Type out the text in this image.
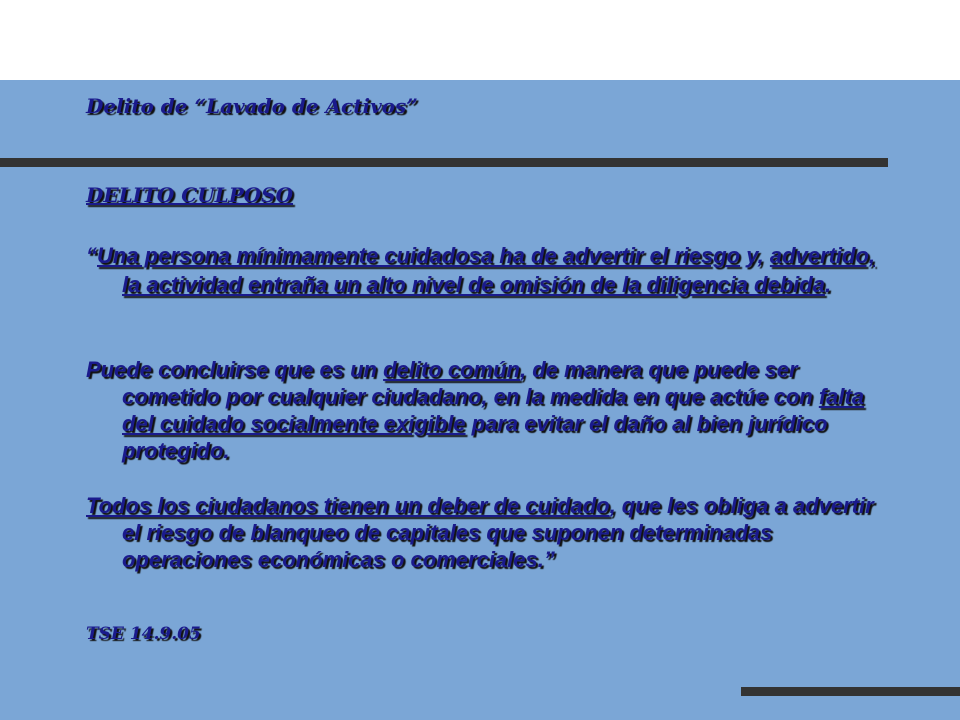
Delito de “Lavado de Activos”
DELITO CULPOSO

“Una persona mínimamente cuidadosa ha de advertir el riesgo y, advertido, la actividad entraña un alto nivel de omisión de la diligencia debida.

Puede concluirse que es un delito común, de manera que puede ser cometido por cualquier ciudadano, en la medida en que actúe con falta del cuidado socialmente exigible para evitar el daño al bien jurídico protegido.

Todos los ciudadanos tienen un deber de cuidado, que les obliga a advertir el riesgo de blanqueo de capitales que suponen determinadas operaciones económicas o comerciales.”

TSE 14.9.05
